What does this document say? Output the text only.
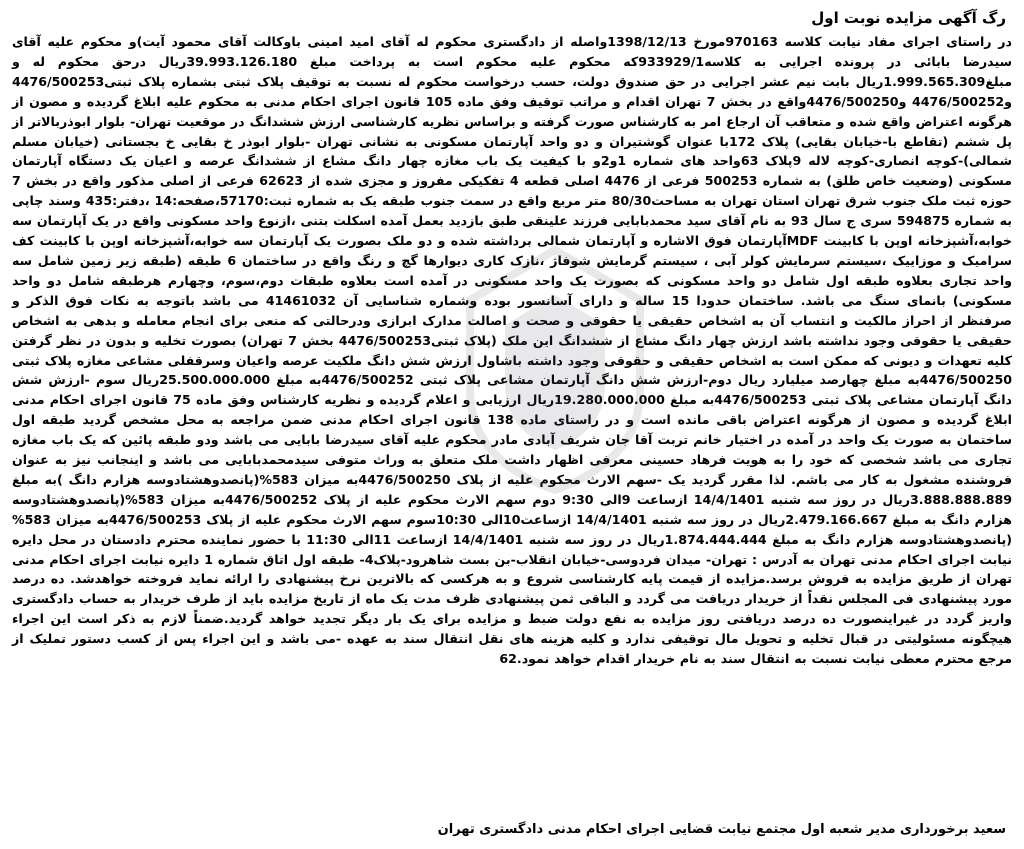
رگ آگهی مزایده نوبت اول

در راستای اجرای مفاد نیابت کلاسه 970163مورخ 1398/12/13واصله از دادگستری محکوم له آقای امید امینی باوکالت آقای محمود آیت)و محکوم علیه آقای سیدرضا بابائی در پرونده اجرایی به کلاسه933929/1که محکوم علیه محکوم است به پرداخت مبلغ 39.993.126.180ریال درحق محکوم له و مبلغ1.999.565.309ریال بابت نیم عشر اجرایی در حق صندوق دولت، حسب درخواست محکوم له نسبت به توقیف پلاک ثبتی بشماره پلاک ثبتی4476/500253 و4476/500252 و4476/500250واقع در بخش 7 تهران اقدام و مراتب توقیف وفق ماده 105 قانون اجرای احکام مدنی به محکوم علیه ابلاغ گردیده و مصون از هرگونه اعتراض واقع شده و متعاقب آن ارجاع امر به کارشناس صورت گرفته و براساس نظریه کارشناسی ارزش ششدانگ در موقعیت تهران- بلوار ابوذربالاتر از پل ششم (تقاطع با-خیابان بقایی) پلاک 172با عنوان گوشتیران و دو واحد آپارتمان مسکونی به نشانی تهران -بلوار ابوذر خ بقایی خ بجستانی (خیابان مسلم شمالی)-کوچه انصاری-کوچه لاله 9پلاک 63واحد های شماره 1و2و با کیفیت یک باب مغازه چهار دانگ مشاع از ششدانگ عرصه و اعیان یک دستگاه آپارتمان مسکونی (وضعیت خاص طلق) به شماره 500253 فرعی از 4476 اصلی قطعه 4 تفکیکی مفروز و مجزی شده از 62623 فرعی از اصلی مذکور واقع در بخش 7 حوزه ثبت ملک جنوب شرق تهران استان تهران به مساحت80/30 متر مربع واقع در سمت جنوب طبقه یک به شماره ثبت:57170،صفحه:14 ،دفتر:435 وسند چاپی به شماره 594875 سری ج سال 93 به نام آقای سید محمدبابایی فرزند علینقی طبق بازدید بعمل آمده اسکلت بتنی ،ازنوع واحد مسکونی واقع در یک آپارتمان سه خوابه،آشپزخانه اوپن با کابینت MDFآپارتمان فوق الاشاره و آپارتمان شمالی برداشته شده و دو ملک بصورت یک آپارتمان سه خوابه،آشپزخانه اوپن با کابینت کف سرامیک و موزاییک ،سیستم سرمایش کولر آبی ، سیستم گرمایش شوفاژ ،نازک کاری دیوارها گچ و رنگ واقع در ساختمان 6 طبقه (طبقه زیر زمین شامل سه واحد تجاری بعلاوه طبقه اول شامل دو واحد مسکونی که بصورت یک واحد مسکونی در آمده است بعلاوه طبقات دوم،سوم، وچهارم هرطبقه شامل دو واحد مسکونی) بانمای سنگ می باشد. ساختمان حدودا 15 ساله و دارای آسانسور بوده وشماره شناسایی آن 41461032 می باشد باتوجه به نکات فوق الذکر و صرفنظر از احراز مالکیت و انتساب آن به اشخاص حقیقی یا حقوقی و صحت و اصالت مدارک ابرازی ودرحالتی که منعی برای انجام معامله و بدهی به اشخاص حقیقی یا حقوقی وجود نداشته باشد ارزش چهار دانگ مشاع از ششدانگ این ملک (پلاک ثبتی4476/500253 بخش 7 تهران) بصورت تخلیه و بدون در نظر گرفتن کلیه تعهدات و دیونی که ممکن است به اشخاص حقیقی و حقوقی وجود داشته باشاول ارزش شش دانگ ملکیت عرصه واعیان وسرقفلی مشاعی مغازه پلاک ثبتی 4476/500250به مبلغ چهارصد میلیارد ریال دوم-ارزش شش دانگ آپارتمان مشاعی پلاک ثبتی 4476/500252به مبلغ 25.500.000.000ریال سوم -ارزش شش دانگ آپارتمان مشاعی پلاک ثبتی 4476/500253به مبلغ 19.280.000.000ریال ارزیابی و اعلام گردیده و نظریه کارشناس وفق ماده 75 قانون اجرای احکام مدنی ابلاغ گردیده و مصون از هرگونه اعتراض باقی مانده است و در راستای ماده 138 قانون اجرای احکام مدنی ضمن مراجعه به محل مشخص گردید طبقه اول ساختمان به صورت یک واحد در آمده در اختیار خانم تربت آقا جان شریف آبادی مادر محکوم علیه آقای سیدرضا بابایی می باشد ودو طبقه پائین که یک باب مغازه تجاری می باشد شخصی که خود را به هویت فرهاد حسینی معرفی اظهار داشت ملک متعلق به وراث متوفی سیدمحمدبابایی می باشد و اینجانب نیز به عنوان فروشنده مشغول به کار می باشم. لذا مقرر گردید یک -سهم الارث محکوم علیه از پلاک 4476/500250به میزان 583%(پانصدوهشتادوسه هزارم دانگ )به مبلغ 3.888.888.889ریال در روز سه شنبه 14/4/1401 ازساعت 9الی 9:30 دوم سهم الارث محکوم علیه از پلاک 4476/500252به میزان 583%(پانصدوهشتادوسه هزارم دانگ به مبلغ 2.479.166.667ریال در روز سه شنبه 14/4/1401 ازساعت10الی 10:30سوم سهم الارث محکوم علیه از پلاک 4476/500253به میزان 583%(پانصدوهشتادوسه هزارم دانگ به مبلغ 1.874.444.444ریال در روز سه شنبه 14/4/1401 ازساعت 11الی 11:30 با حضور نماینده محترم دادستان در محل دایره نیابت اجرای احکام مدنی تهران به آدرس : تهران- میدان فردوسی-خیابان انقلاب-بن بست شاهرود-پلاک4- طبقه اول اتاق شماره 1 دایره نیابت اجرای احکام مدنی تهران از طریق مزایده به فروش برسد.مزایده از قیمت پایه کارشناسی شروع و به هرکسی که بالاترین نرخ پیشنهادی را ارائه نماید فروخته خواهدشد. ده درصد مورد پیشنهادی فی المجلس نقداً از خریدار دریافت می گردد و الباقی ثمن پیشنهادی ظرف مدت یک ماه از تاریخ مزایده باید از طرف خریدار به حساب دادگستری واریز گردد در غیراینصورت ده درصد دریافتی روز مزایده به نفع دولت ضبط و مزایده برای یک بار دیگر تجدید خواهد گردید.ضمناً لازم به ذکر است این اجراء هیچگونه مسئولیتی در قبال تخلیه و تحویل مال توقیفی ندارد و کلیه هزینه های نقل انتقال سند به عهده -می باشد و این اجراء پس از کسب دستور تملیک از مرجع محترم معطی نیابت نسبت به انتقال سند به نام خریدار اقدام خواهد نمود.62

سعید برخورداری مدیر شعبه اول مجتمع نیابت قضایی اجرای احکام مدنی دادگستری تهران
